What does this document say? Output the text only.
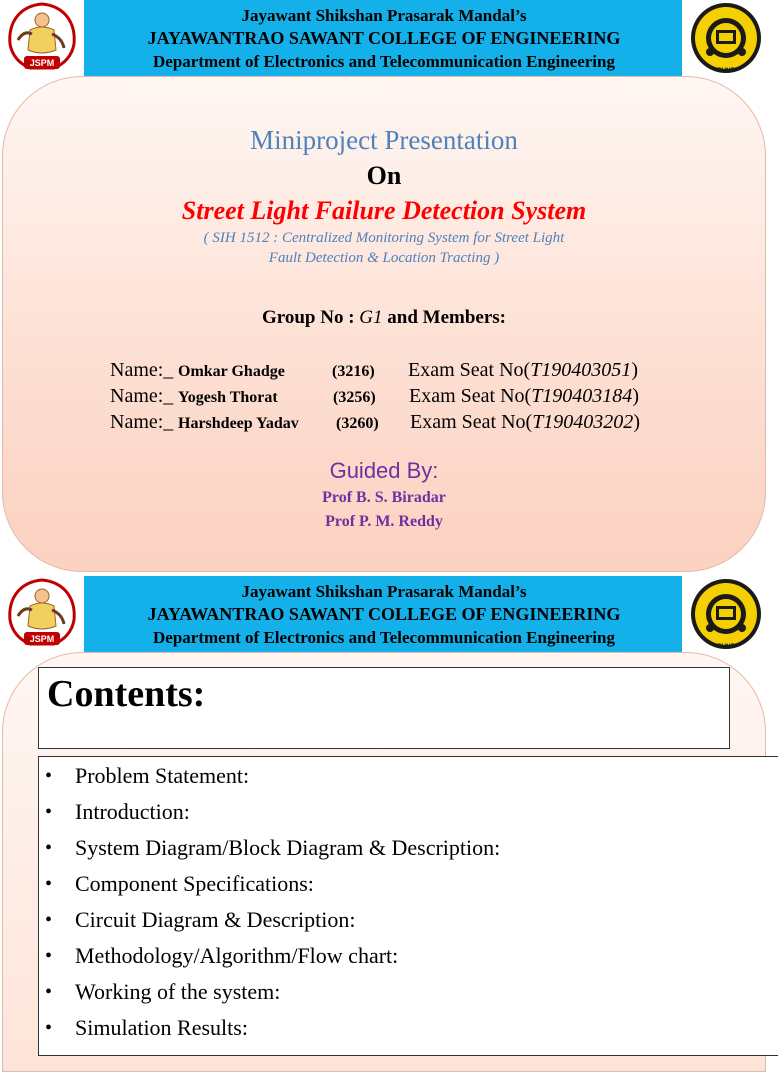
JSPM
Jayawant Shikshan Prasarak Mandal’s
JAYAWANTRAO SAWANT COLLEGE OF ENGINEERING
Department of Electronics and Telecommunication Engineering	PUNE
Miniproject Presentation
On
Street Light Failure Detection System
( SIH 1512 : Centralized Monitoring System for Street Light
Fault Detection & Location Tracting )
Group No : G1 and Members:
Name:_ Omkar Ghadge	(3216) Exam Seat No(T190403051)
Name:_ Yogesh Thorat	(3256) Exam Seat No(T190403184)
Name:_ Harshdeep Yadav (3260) Exam Seat No(T190403202)
Guided By:
Prof B. S. Biradar
Prof P. M. Reddy
JSPM
Jayawant Shikshan Prasarak Mandal’s
JAYAWANTRAO SAWANT COLLEGE OF ENGINEERING
Department of Electronics and Telecommunication Engineering	PUNE
Contents:
• Problem Statement:
• Introduction:
• System Diagram/Block Diagram & Description:
• Component Specifications:
• Circuit Diagram & Description:
• Methodology/Algorithm/Flow chart:
• Working of the system:
• Simulation Results:
